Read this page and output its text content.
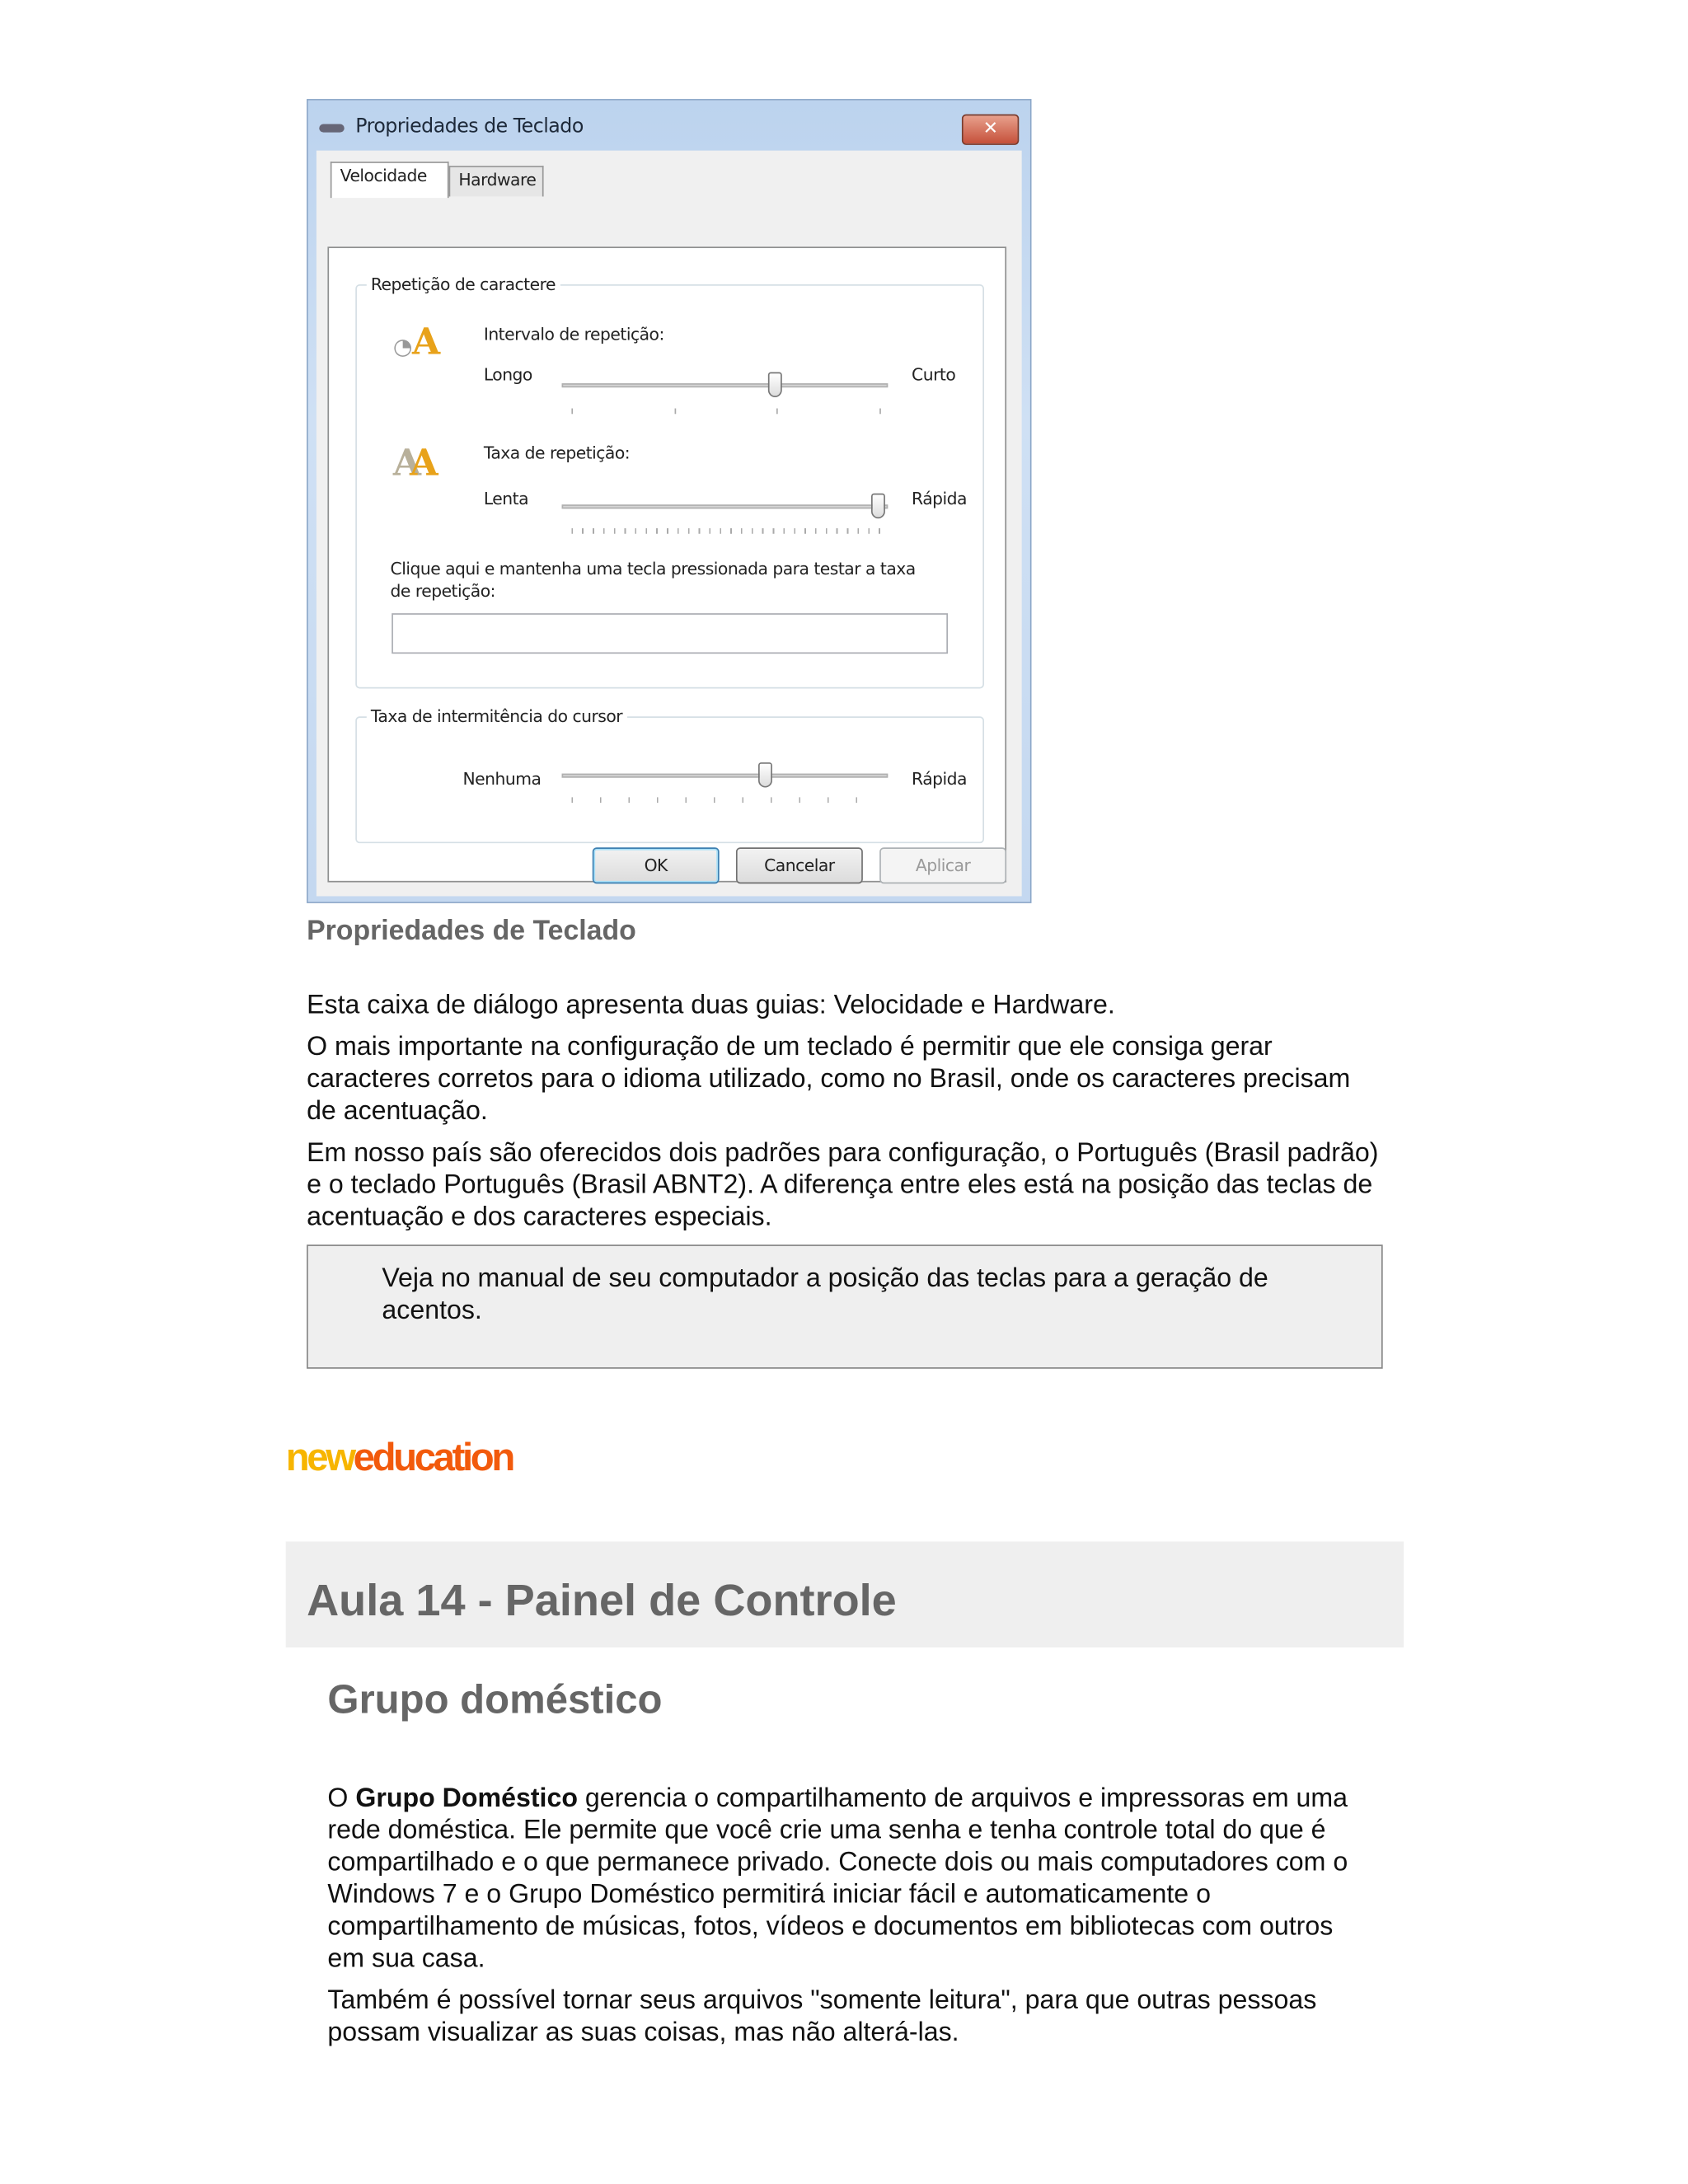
Propriedades de Teclado	✕
Velocidade	Hardware
Repetição de caractere
◔A	Intervalo de repetição:
Longo	Curto
AA	Taxa de repetição:
Lenta	Rápida
Clique aqui e mantenha uma tecla pressionada para testar a taxa de repetição:
Taxa de intermitência do cursor
Nenhuma	Rápida
OK	Cancelar	Aplicar
Propriedades de Teclado

Esta caixa de diálogo apresenta duas guias: Velocidade e Hardware.

O mais importante na configuração de um teclado é permitir que ele consiga gerar caracteres corretos para o idioma utilizado, como no Brasil, onde os caracteres precisam de acentuação.

Em nosso país são oferecidos dois padrões para configuração, o Português (Brasil padrão) e o teclado Português (Brasil ABNT2). A diferença entre eles está na posição das teclas de acentuação e dos caracteres especiais.

Veja no manual de seu computador a posição das teclas para a geração de acentos.
neweducation
Aula 14 - Painel de Controle
Grupo doméstico

O Grupo Doméstico gerencia o compartilhamento de arquivos e impressoras em uma rede doméstica. Ele permite que você crie uma senha e tenha controle total do que é compartilhado e o que permanece privado. Conecte dois ou mais computadores com o Windows 7 e o Grupo Doméstico permitirá iniciar fácil e automaticamente o compartilhamento de músicas, fotos, vídeos e documentos em bibliotecas com outros em sua casa.

Também é possível tornar seus arquivos "somente leitura", para que outras pessoas possam visualizar as suas coisas, mas não alterá-las.
